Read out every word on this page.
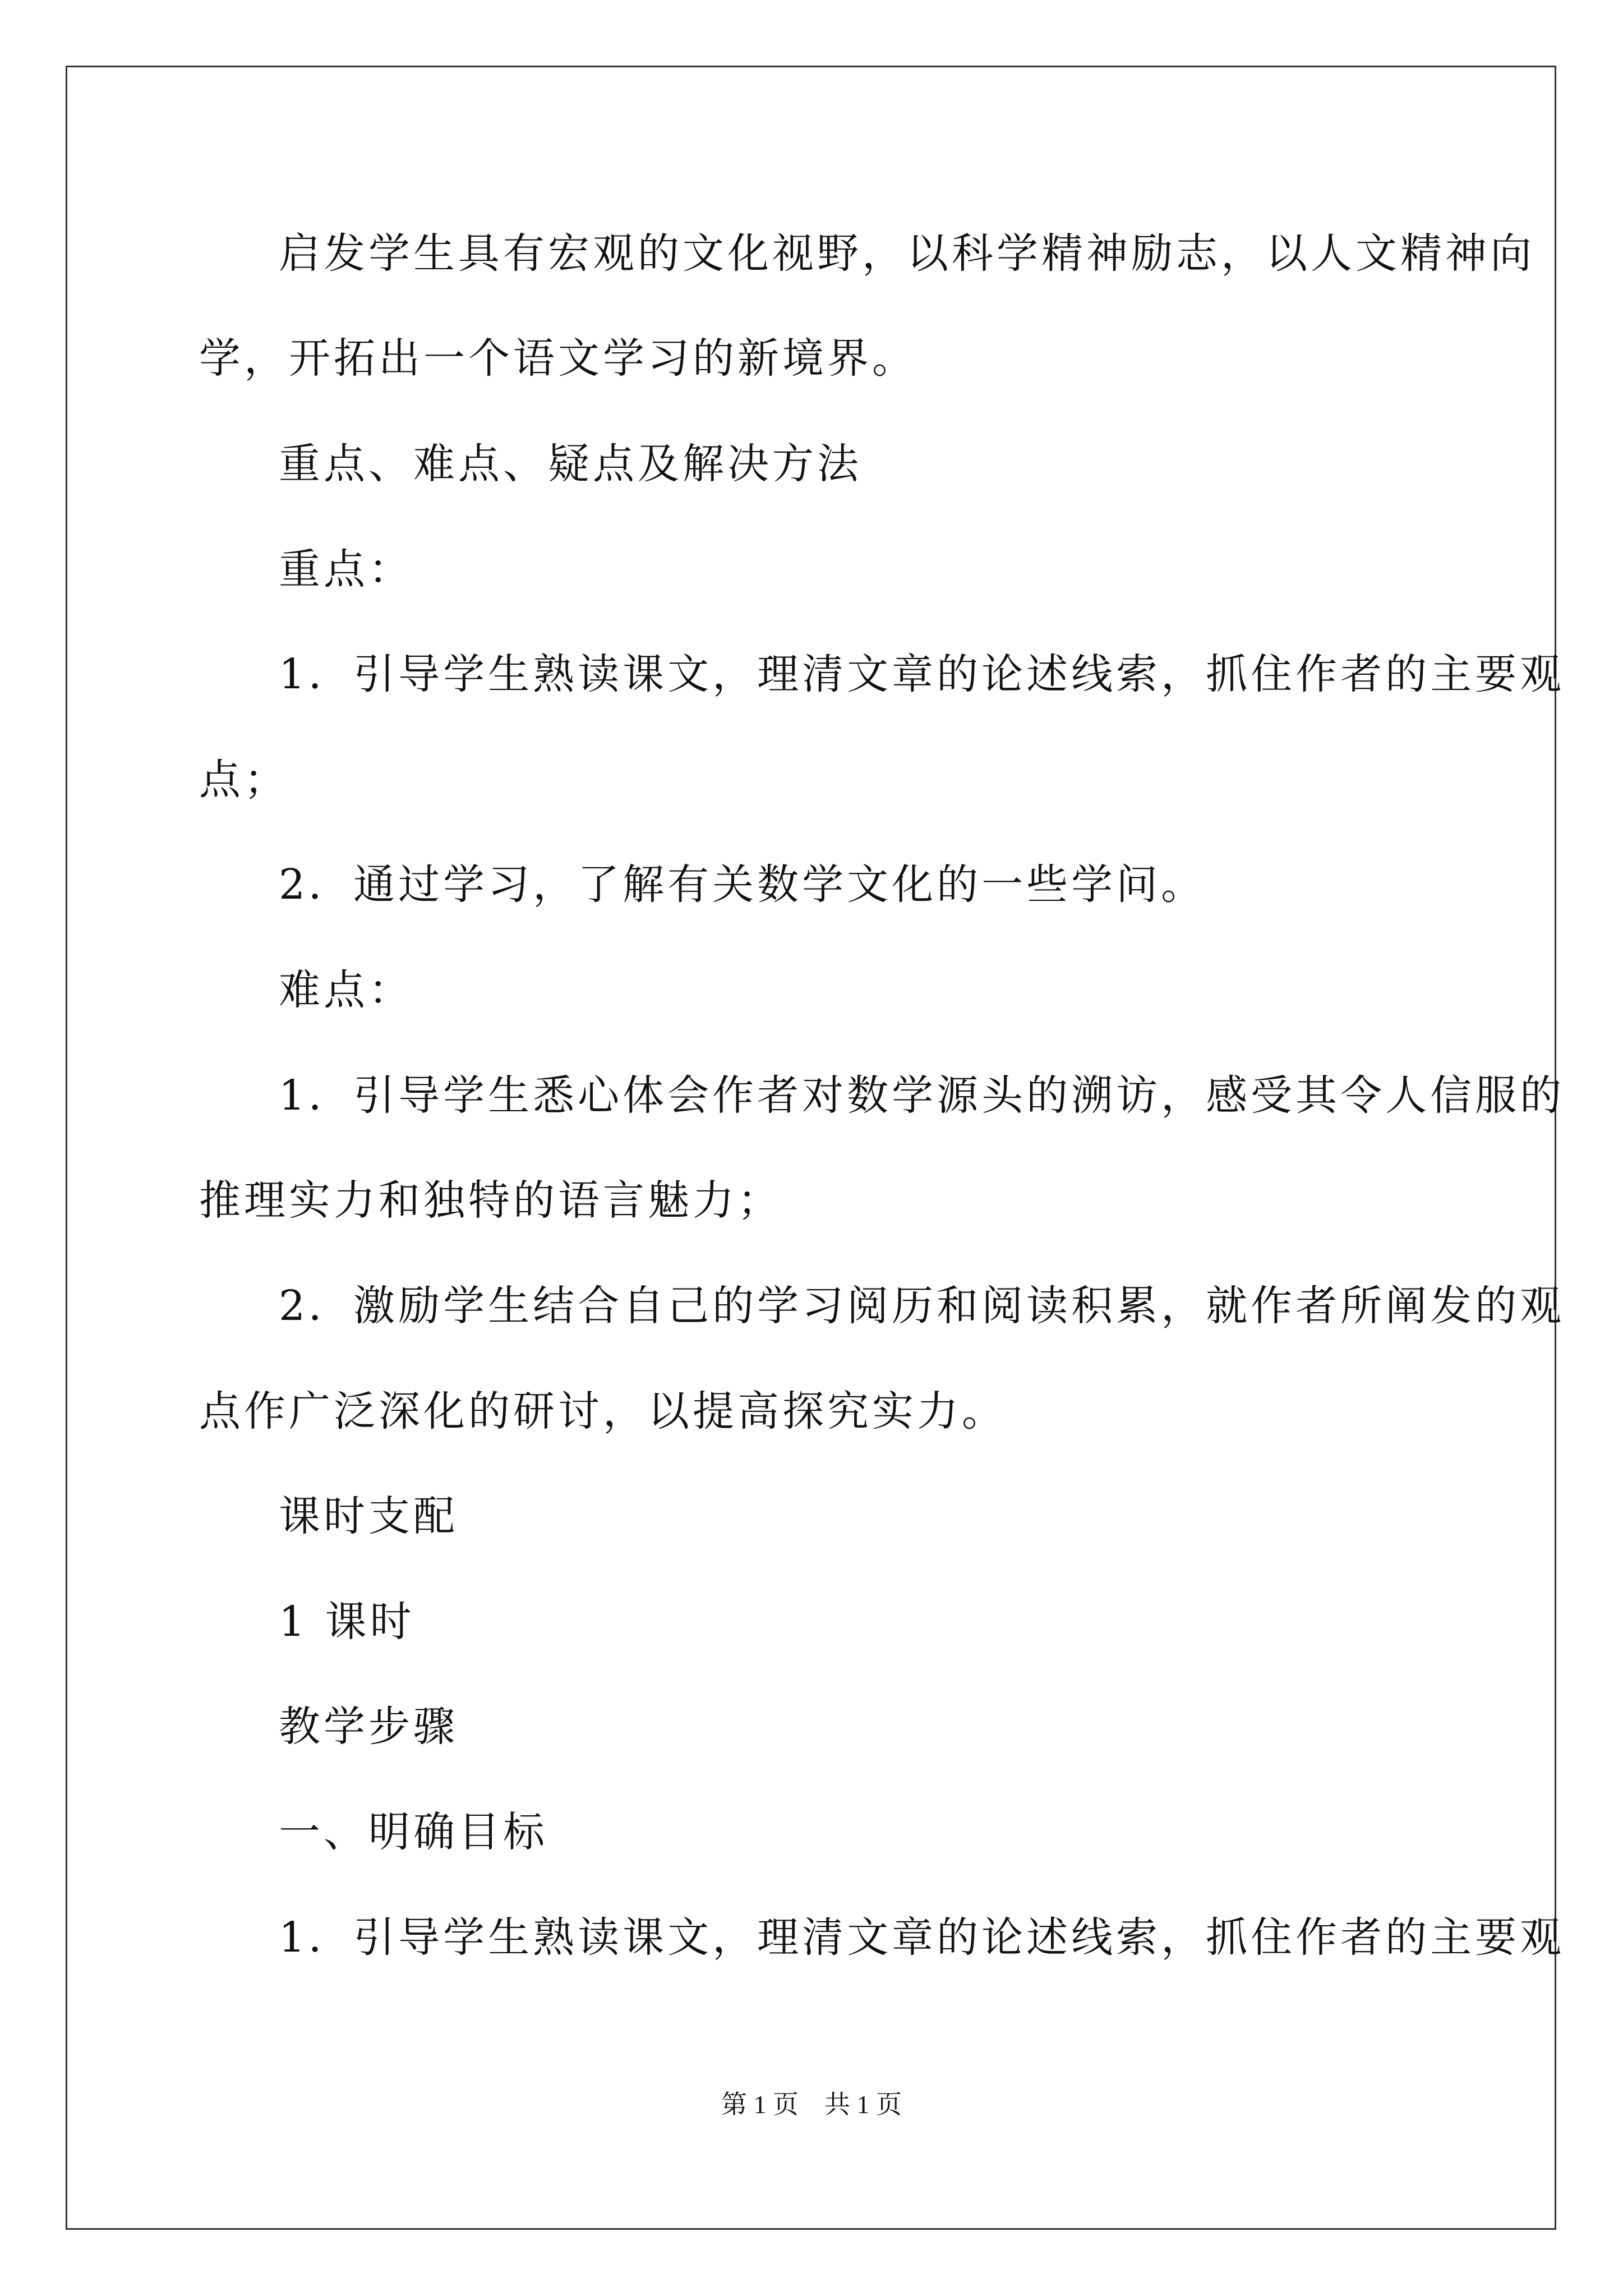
启发学生具有宏观的文化视野，以科学精神励志，以人文精神向
学，开拓出一个语文学习的新境界。
重点、难点、疑点及解决方法
重点：
1．引导学生熟读课文，理清文章的论述线索，抓住作者的主要观
点；
2．通过学习，了解有关数学文化的一些学问。
难点：
1．引导学生悉心体会作者对数学源头的溯访，感受其令人信服的
推理实力和独特的语言魅力；
2．激励学生结合自己的学习阅历和阅读积累，就作者所阐发的观
点作广泛深化的研讨，以提高探究实力。
课时支配
1 课时
教学步骤
一、明确目标
1．引导学生熟读课文，理清文章的论述线索，抓住作者的主要观
第 1 页　共 1 页
